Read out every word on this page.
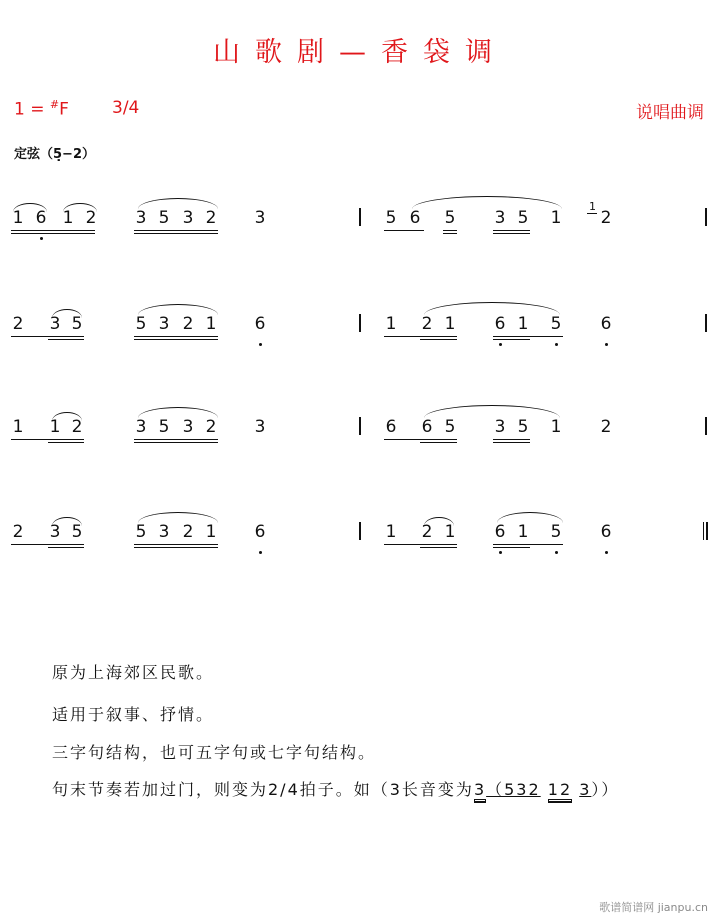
山歌剧—香袋调
1 = #F	3/4	说唱曲调
定弦（5̣−2）
1 6 1 2 3 5 3 2 3	5 6 5 3 5 1
1
2
2 3 5	5 3 2 1 6	1 2 1 6 1 5 6
1 1 2	3 5 3 2 3	6 6 5 3 5 1 2
2 3 5	5 3 2 1 6	1 2 1 6 1 5 6
原为上海郊区民歌。
适用于叙事、抒情。
三字句结构，也可五字句或七字句结构。
句末节奏若加过门，则变为2/4拍子。如（3长音变为3（532 12 3））
歌谱简谱网 jianpu.cn
